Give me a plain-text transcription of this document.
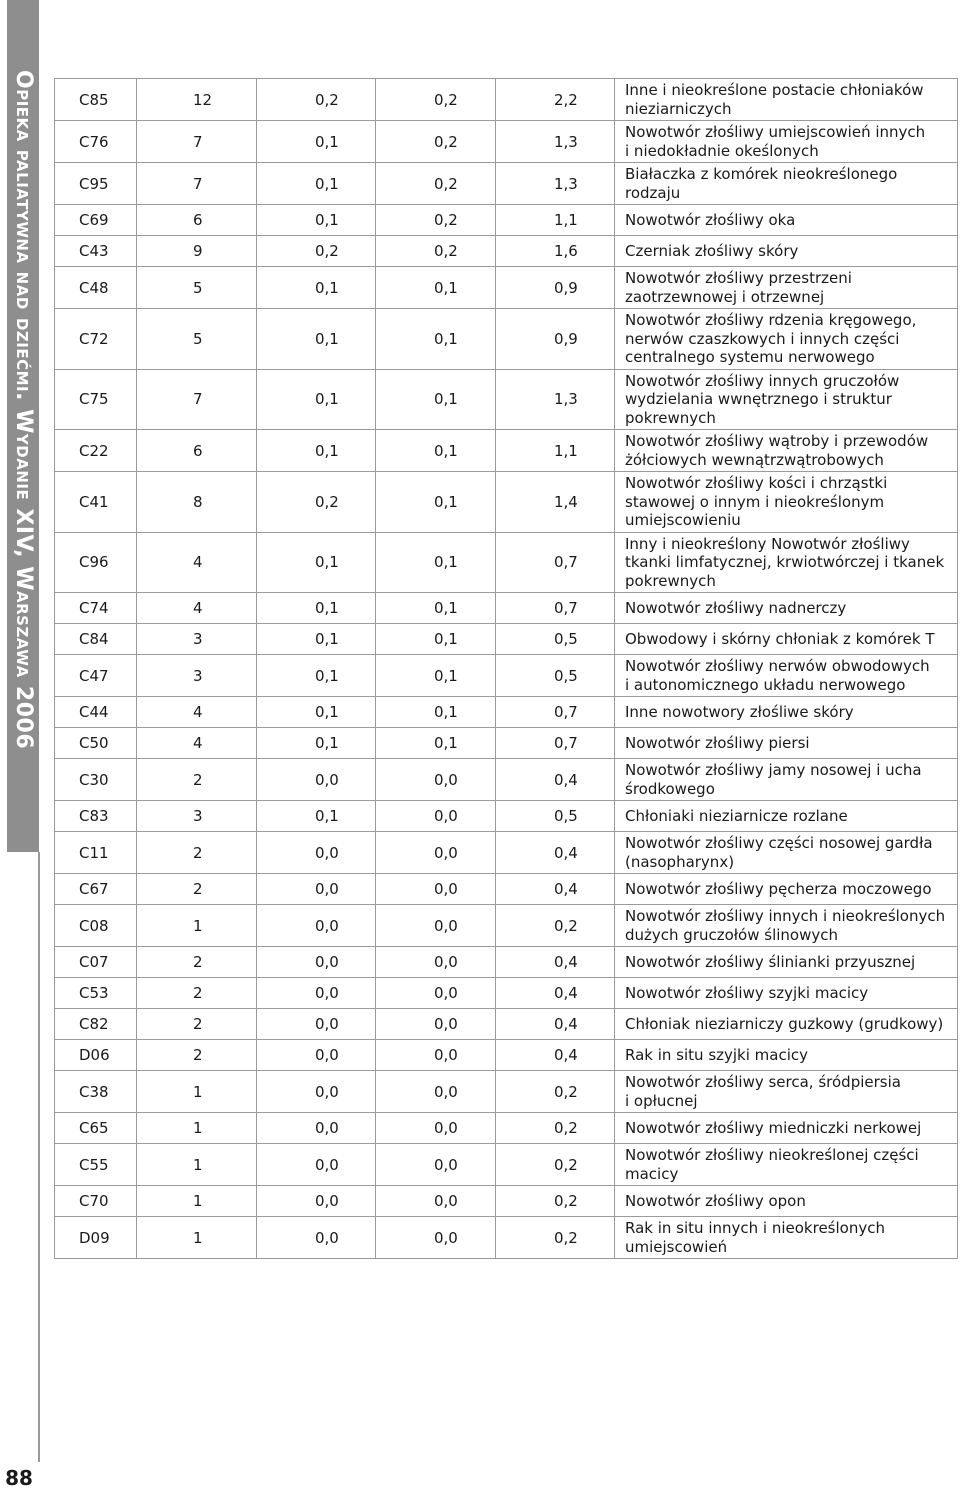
Opieka paliatywna nad dziećmi. Wydanie XIV, Warszawa 2006
88
C85	12	0,2	0,2	2,2	Inne i nieokreślone postacie chłoniaków
nieziarniczych
C76	7	0,1	0,2	1,3	Nowotwór złośliwy umiejscowień innych
i niedokładnie okeślonych
C95	7	0,1	0,2	1,3	Białaczka z komórek nieokreślonego
rodzaju
C69	6	0,1	0,2	1,1	Nowotwór złośliwy oka
C43	9	0,2	0,2	1,6	Czerniak złośliwy skóry
C48	5	0,1	0,1	0,9	Nowotwór złośliwy przestrzeni
zaotrzewnowej i otrzewnej
C72	5	0,1	0,1	0,9	Nowotwór złośliwy rdzenia kręgowego,
nerwów czaszkowych i innych części
centralnego systemu nerwowego
C75	7	0,1	0,1	1,3	Nowotwór złośliwy innych gruczołów
wydzielania wwnętrznego i struktur
pokrewnych
C22	6	0,1	0,1	1,1	Nowotwór złośliwy wątroby i przewodów
żółciowych wewnątrzwątrobowych
C41	8	0,2	0,1	1,4	Nowotwór złośliwy kości i chrząstki
stawowej o innym i nieokreślonym
umiejscowieniu
C96	4	0,1	0,1	0,7	Inny i nieokreślony Nowotwór złośliwy
tkanki limfatycznej, krwiotwórczej i tkanek
pokrewnych
C74	4	0,1	0,1	0,7	Nowotwór złośliwy nadnerczy
C84	3	0,1	0,1	0,5	Obwodowy i skórny chłoniak z komórek T
C47	3	0,1	0,1	0,5	Nowotwór złośliwy nerwów obwodowych
i autonomicznego układu nerwowego
C44	4	0,1	0,1	0,7	Inne nowotwory złośliwe skóry
C50	4	0,1	0,1	0,7	Nowotwór złośliwy piersi
C30	2	0,0	0,0	0,4	Nowotwór złośliwy jamy nosowej i ucha
środkowego
C83	3	0,1	0,0	0,5	Chłoniaki nieziarnicze rozlane
C11	2	0,0	0,0	0,4	Nowotwór złośliwy części nosowej gardła
(nasopharynx)
C67	2	0,0	0,0	0,4	Nowotwór złośliwy pęcherza moczowego
C08	1	0,0	0,0	0,2	Nowotwór złośliwy innych i nieokreślonych
dużych gruczołów ślinowych
C07	2	0,0	0,0	0,4	Nowotwór złośliwy ślinianki przyusznej
C53	2	0,0	0,0	0,4	Nowotwór złośliwy szyjki macicy
C82	2	0,0	0,0	0,4	Chłoniak nieziarniczy guzkowy (grudkowy)
D06	2	0,0	0,0	0,4	Rak in situ szyjki macicy
C38	1	0,0	0,0	0,2	Nowotwór złośliwy serca, śródpiersia
i opłucnej
C65	1	0,0	0,0	0,2	Nowotwór złośliwy miedniczki nerkowej
C55	1	0,0	0,0	0,2	Nowotwór złośliwy nieokreślonej części
macicy
C70	1	0,0	0,0	0,2	Nowotwór złośliwy opon
D09	1	0,0	0,0	0,2	Rak in situ innych i nieokreślonych
umiejscowień
